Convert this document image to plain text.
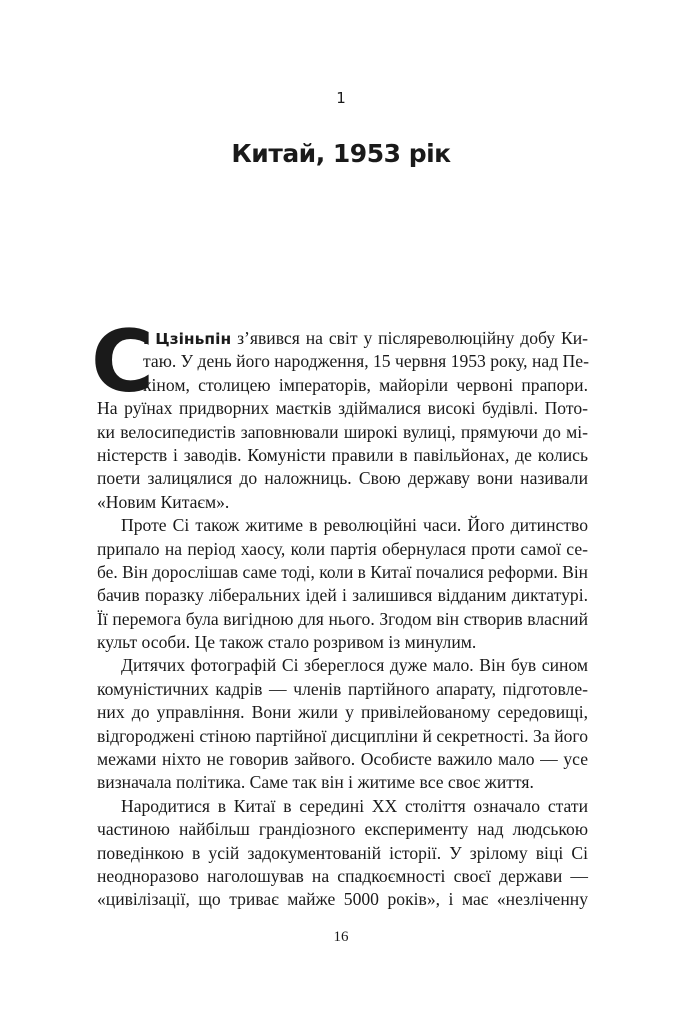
1
Китай, 1953 рік
С
і Цзіньпін з’явився на світ у післяреволюційну добу Ки-
таю. У день його народження, 15 червня 1953 року, над Пе-
кіном, столицею імператорів, майоріли червоні прапори.
На руїнах придворних маєтків здіймалися високі будівлі. Пото-
ки велосипедистів заповнювали широкі вулиці, прямуючи до мі-
ністерств і заводів. Комуністи правили в павільйонах, де колись
поети залицялися до наложниць. Свою державу вони називали
«Новим Китаєм».
Проте Сі також житиме в революційні часи. Його дитинство
припало на період хаосу, коли партія обернулася проти самої се-
бе. Він дорослішав саме тоді, коли в Китаї почалися реформи. Він
бачив поразку ліберальних ідей і залишився відданим диктатурі.
Її перемога була вигідною для нього. Згодом він створив власний
культ особи. Це також стало розривом із минулим.
Дитячих фотографій Сі збереглося дуже мало. Він був сином
комуністичних кадрів — членів партійного апарату, підготовле-
них до управління. Вони жили у привілейованому середовищі,
відгороджені стіною партійної дисципліни й секретності. За його
межами ніхто не говорив зайвого. Особисте важило мало — усе
визначала політика. Саме так він і житиме все своє життя.
Народитися в Китаї в середині XX століття означало стати
частиною найбільш грандіозного експерименту над людською
поведінкою в усій задокументованій історії. У зрілому віці Сі
неодноразово наголошував на спадкоємності своєї держави —
«цивілізації, що триває майже 5000 років», і має «незліченну
16
